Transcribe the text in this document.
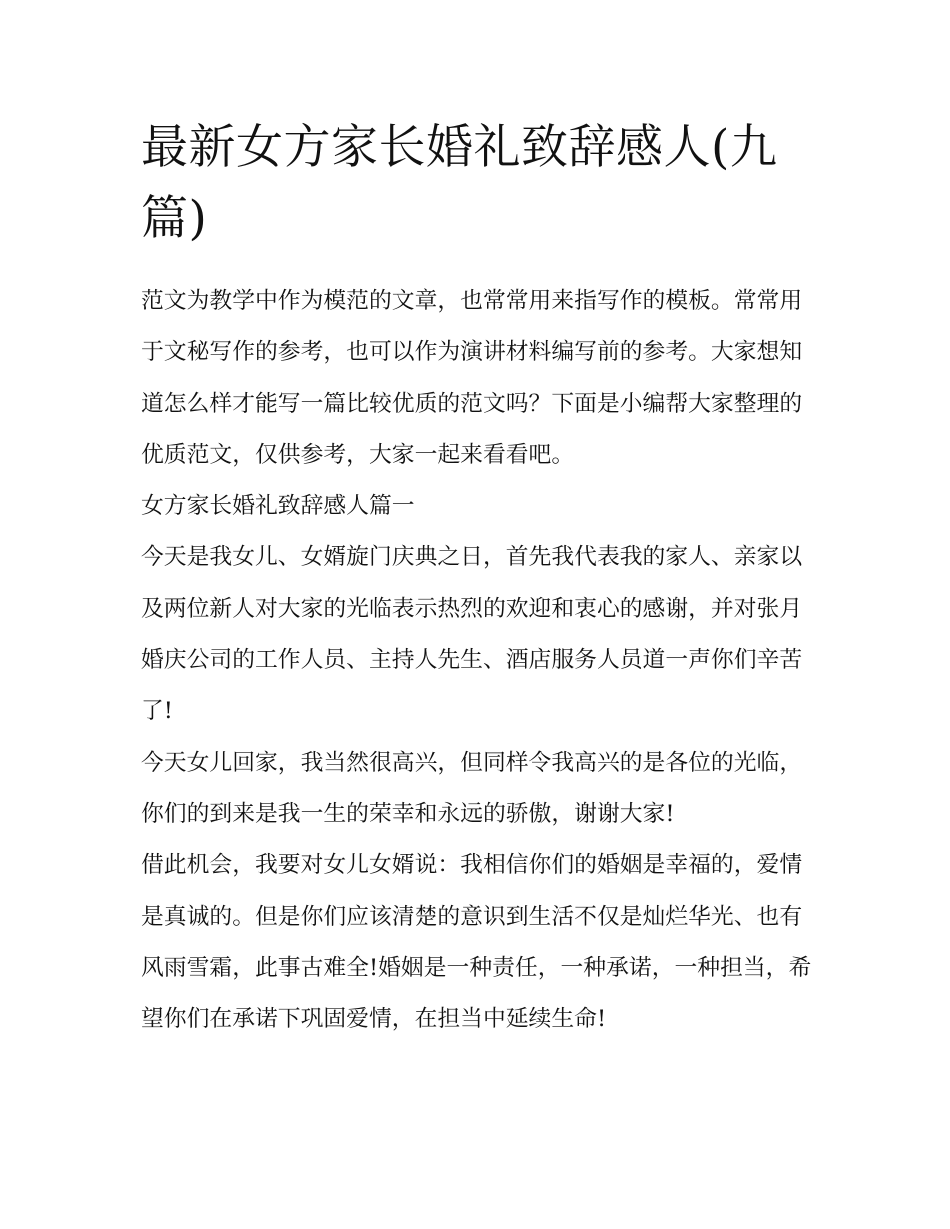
最新女方家长婚礼致辞感人(九篇)

范文为教学中作为模范的文章，也常常用来指写作的模板。常常用于文秘写作的参考，也可以作为演讲材料编写前的参考。大家想知道怎么样才能写一篇比较优质的范文吗？下面是小编帮大家整理的优质范文，仅供参考，大家一起来看看吧。

女方家长婚礼致辞感人篇一

今天是我女儿、女婿旋门庆典之日，首先我代表我的家人、亲家以及两位新人对大家的光临表示热烈的欢迎和衷心的感谢，并对张月婚庆公司的工作人员、主持人先生、酒店服务人员道一声你们辛苦了!

今天女儿回家，我当然很高兴，但同样令我高兴的是各位的光临，你们的到来是我一生的荣幸和永远的骄傲，谢谢大家!

借此机会，我要对女儿女婿说：我相信你们的婚姻是幸福的，爱情是真诚的。但是你们应该清楚的意识到生活不仅是灿烂华光、也有风雨雪霜，此事古难全!婚姻是一种责任，一种承诺，一种担当，希望你们在承诺下巩固爱情，在担当中延续生命!
